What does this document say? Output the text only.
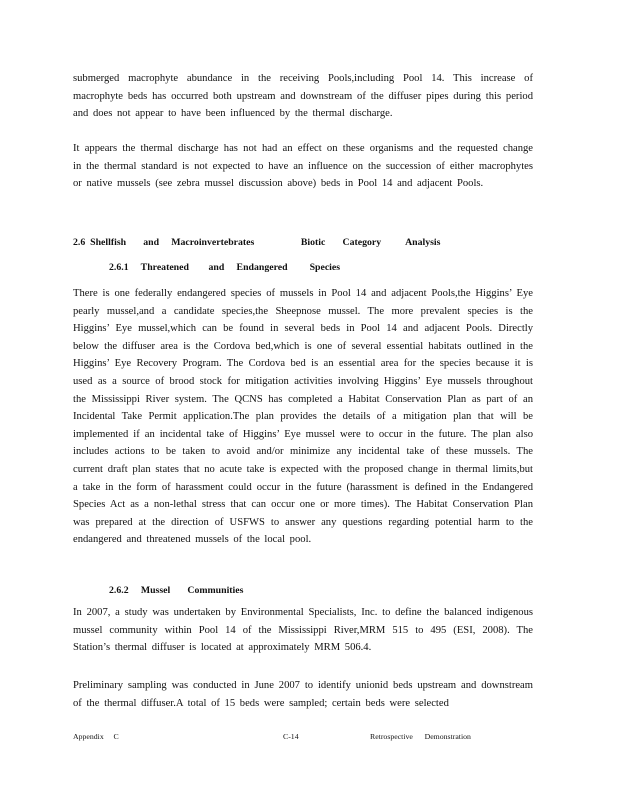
submerged macrophyte abundance in the receiving Pools,including Pool 14. This increase of macrophyte beds has occurred both upstream and downstream of the diffuser pipes during this period and does not appear to have been influenced by the thermal discharge.

It appears the thermal discharge has not had an effect on these organisms and the requested change in the thermal standard is not expected to have an influence on the succession of either macrophytes or native mussels (see zebra mussel discussion above) beds in Pool 14 and adjacent Pools.

2.6  Shellfish       and     Macroinvertebrates                   Biotic       Category          Analysis
2.6.1     Threatened        and     Endangered         Species

There is one federally endangered species of mussels in Pool 14 and adjacent Pools,the Higgins’ Eye pearly mussel,and a candidate species,the Sheepnose mussel. The more prevalent species is the Higgins’ Eye mussel,which can be found in several beds in Pool 14 and adjacent Pools. Directly below the diffuser area is the Cordova bed,which is one of several essential habitats outlined in the Higgins’ Eye Recovery Program. The Cordova bed is an essential area for the species because it is used as a source of brood stock for mitigation activities involving Higgins’ Eye mussels throughout the Mississippi River system. The QCNS has completed a Habitat Conservation Plan as part of an Incidental Take Permit application.The plan provides the details of a mitigation plan that will be implemented if an incidental take of Higgins’ Eye mussel were to occur in the future. The plan also includes actions to be taken to avoid and/or minimize any incidental take of these mussels. The current draft plan states that no acute take is expected with the proposed change in thermal limits,but a take in the form of harassment could occur in the future (harassment is defined in the Endangered Species Act as a non-lethal stress that can occur one or more times). The Habitat Conservation Plan was prepared at the direction of USFWS to answer any questions regarding potential harm to the endangered and threatened mussels of the local pool.

2.6.2     Mussel       Communities

In 2007, a study was undertaken by Environmental Specialists, Inc. to define the balanced indigenous mussel community within Pool 14 of the Mississippi River,MRM 515 to 495 (ESI, 2008). The Station’s thermal diffuser is located at approximately MRM 506.4.

Preliminary sampling was conducted in June 2007 to identify unionid beds upstream and downstream of the thermal diffuser.A total of 15 beds were sampled; certain beds were selected

Appendix     C	C-14	Retrospective      Demonstration
